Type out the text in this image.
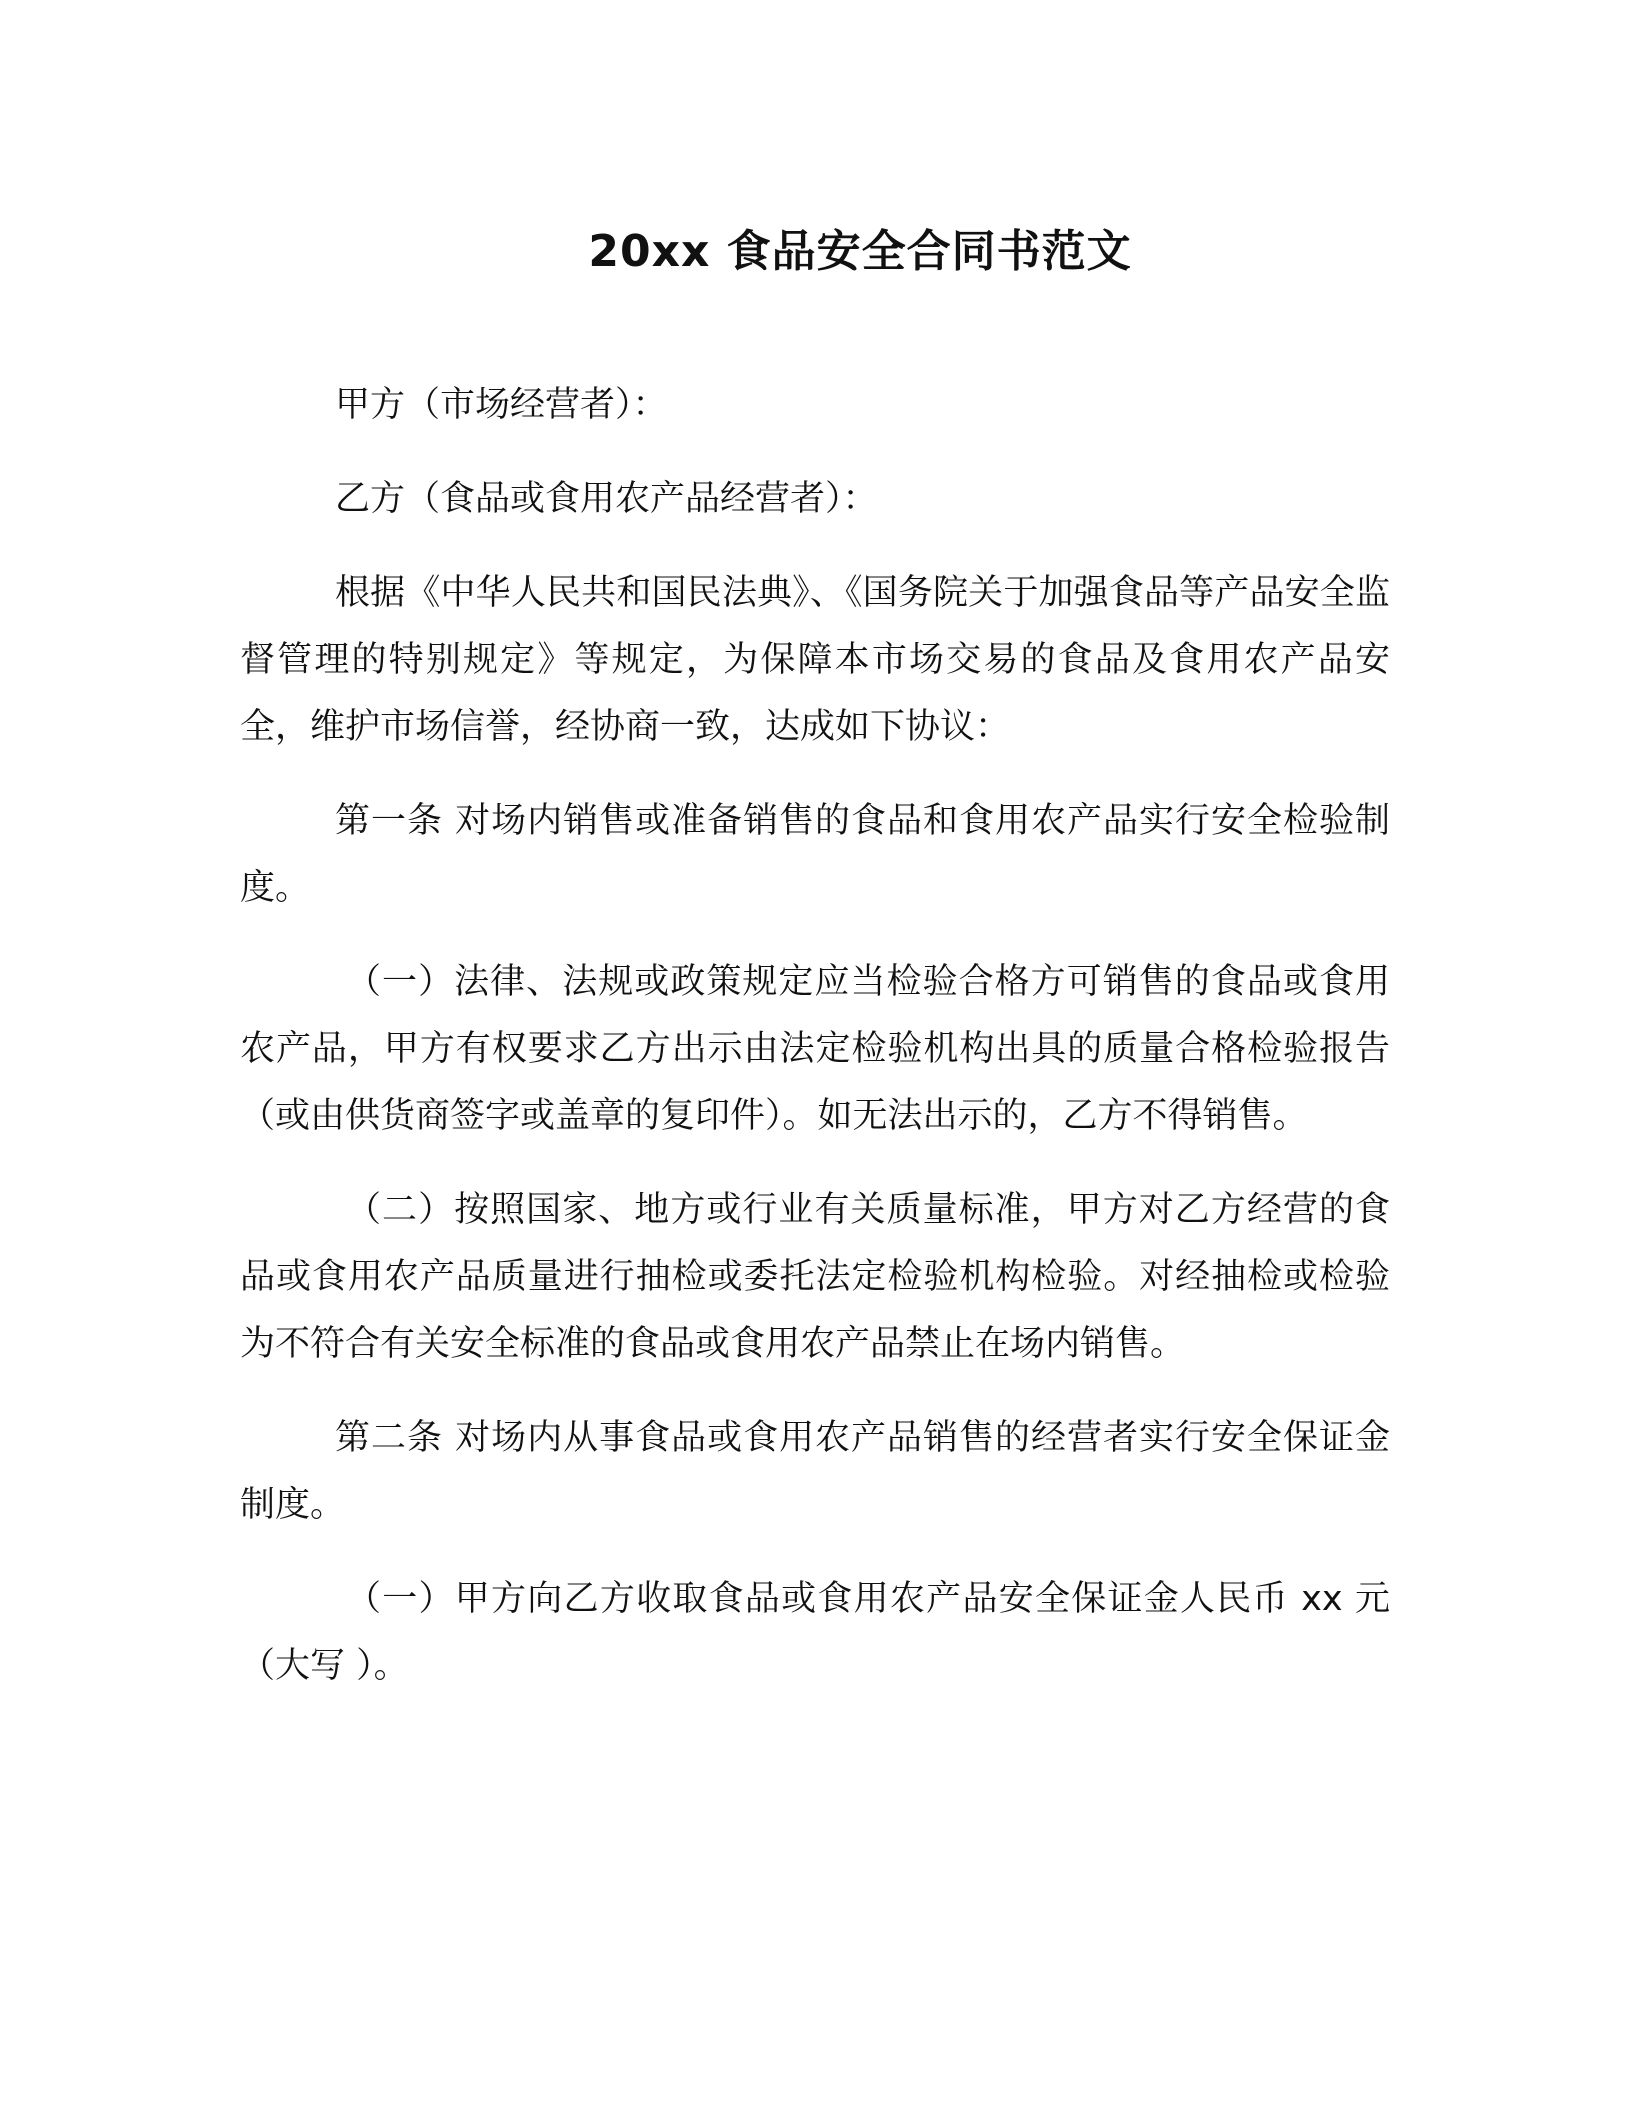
20xx 食品安全合同书范文

甲方（市场经营者）：

乙方（食品或食用农产品经营者）：

根据《中华人民共和国民法典》、《国务院关于加强食品等产品安全监督管理的特别规定》等规定，为保障本市场交易的食品及食用农产品安全，维护市场信誉，经协商一致，达成如下协议：

第一条 对场内销售或准备销售的食品和食用农产品实行安全检验制度。

（一）法律、法规或政策规定应当检验合格方可销售的食品或食用农产品，甲方有权要求乙方出示由法定检验机构出具的质量合格检验报告（或由供货商签字或盖章的复印件）。如无法出示的，乙方不得销售。

（二）按照国家、地方或行业有关质量标准，甲方对乙方经营的食品或食用农产品质量进行抽检或委托法定检验机构检验。对经抽检或检验为不符合有关安全标准的食品或食用农产品禁止在场内销售。

第二条 对场内从事食品或食用农产品销售的经营者实行安全保证金制度。

（一）甲方向乙方收取食品或食用农产品安全保证金人民币 xx 元（大写 ）。
